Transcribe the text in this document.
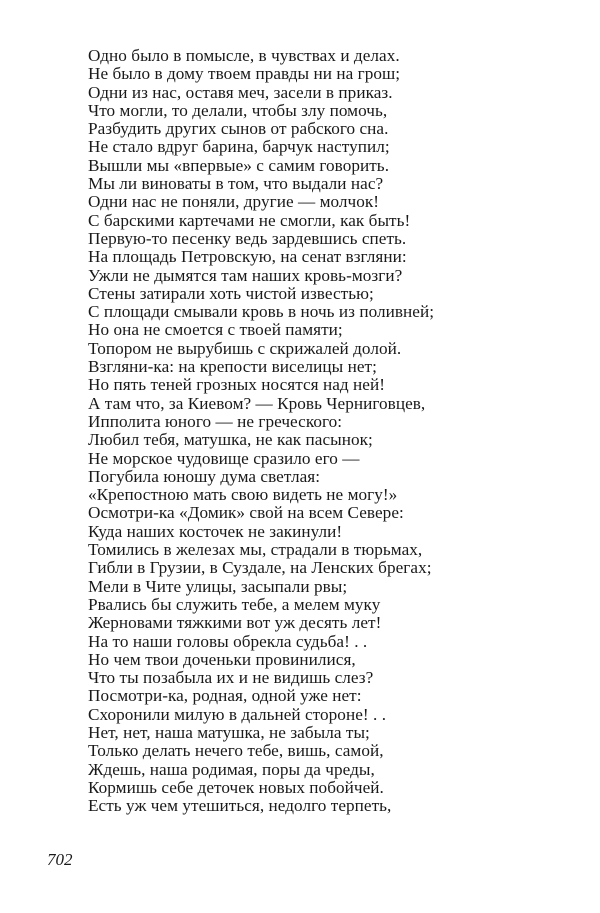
Одно было в помысле, в чувствах и делах.
Не было в дому твоем правды ни на грош;
Одни из нас, оставя меч, засели в приказ.
Что могли, то делали, чтобы злу помочь,
Разбудить других сынов от рабского сна.
Не стало вдруг барина, барчук наступил;
Вышли мы «впервые» с самим говорить.
Мы ли виноваты в том, что выдали нас?
Одни нас не поняли, другие — молчок!
С барскими картечами не смогли, как быть!
Первую-то песенку ведь зардевшись спеть.
На площадь Петровскую, на сенат взгляни:
Ужли не дымятся там наших кровь-мозги?
Стены затирали хоть чистой известью;
С площади смывали кровь в ночь из поливней;
Но она не смоется с твоей памяти;
Топором не вырубишь с скрижалей долой.
Взгляни-ка: на крепости виселицы нет;
Но пять теней грозных носятся над ней!
А там что, за Киевом? — Кровь Черниговцев,
Ипполита юного — не греческого:
Любил тебя, матушка, не как пасынок;
Не морское чудовище сразило его —
Погубила юношу дума светлая:
«Крепостною мать свою видеть не могу!»
Осмотри-ка «Домик» свой на всем Севере:
Куда наших косточек не закинули!
Томились в железах мы, страдали в тюрьмах,
Гибли в Грузии, в Суздале, на Ленских брегах;
Мели в Чите улицы, засыпали рвы;
Рвались бы служить тебе, а мелем муку
Жерновами тяжкими вот уж десять лет!
На то наши головы обрекла судьба! . .
Но чем твои доченьки провинилися,
Что ты позабыла их и не видишь слез?
Посмотри-ка, родная, одной уже нет:
Схоронили милую в дальней стороне! . .
Нет, нет, наша матушка, не забыла ты;
Только делать нечего тебе, вишь, самой,
Ждешь, наша родимая, поры да чреды,
Кормишь себе деточек новых побойчей.
Есть уж чем утешиться, недолго терпеть,
702
